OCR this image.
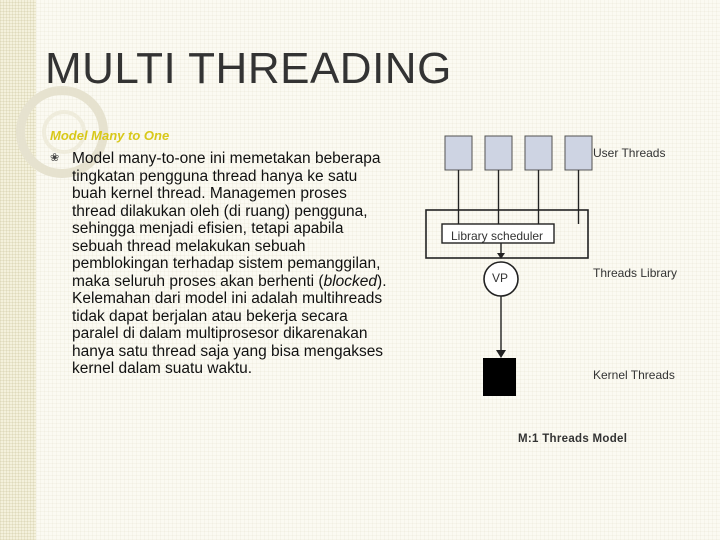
MULTI THREADING
Model Many to One
❀ Model many-to-one ini memetakan beberapa tingkatan pengguna thread hanya ke satu buah kernel thread. Managemen proses thread dilakukan oleh (di ruang) pengguna, sehingga menjadi efisien, tetapi apabila sebuah thread melakukan sebuah pemblokingan terhadap sistem pemanggilan, maka seluruh proses akan berhenti (blocked). Kelemahan dari model ini adalah multihreads tidak dapat berjalan atau bekerja secara paralel di dalam multiprosesor dikarenakan hanya satu thread saja yang bisa mengakses kernel dalam suatu waktu.

User Threads
Threads Library
Kernel Threads
Library scheduler
VP
M:1 Threads Model
